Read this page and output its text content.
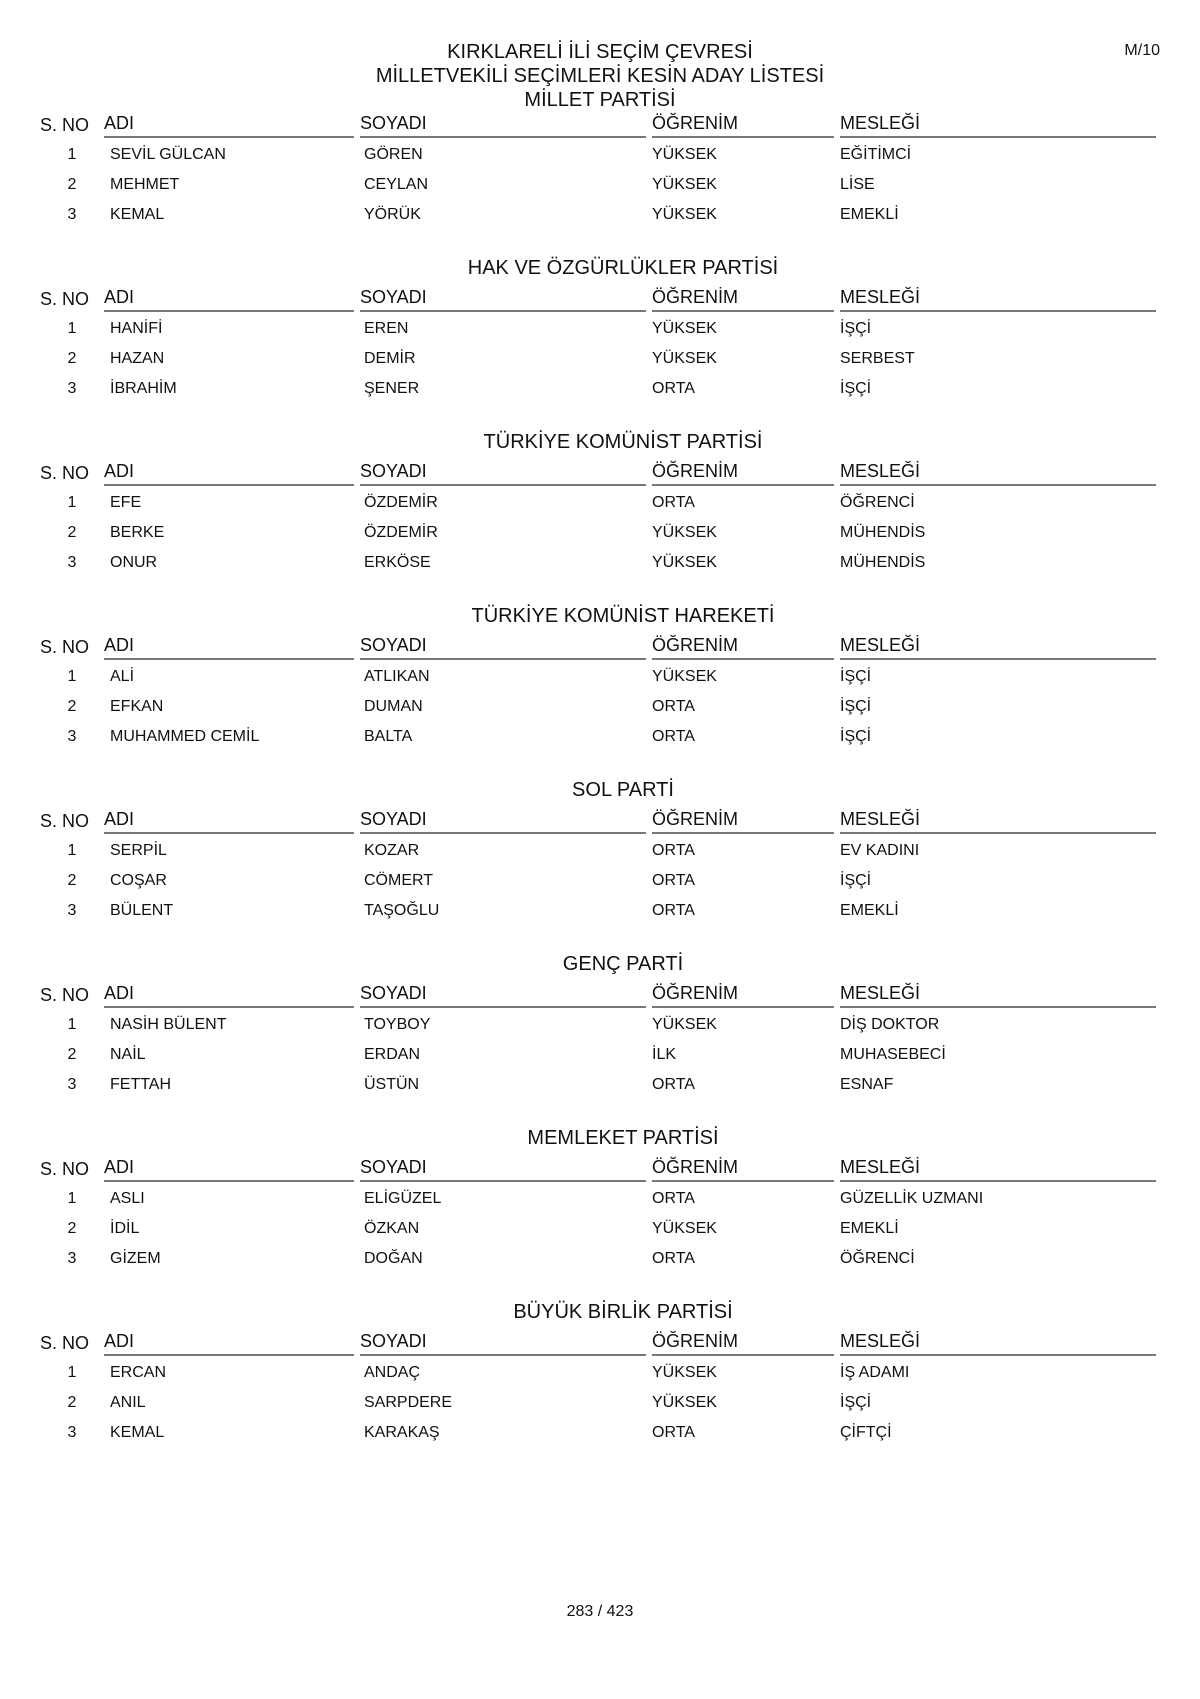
M/10
KIRKLARELİ İLİ SEÇİM ÇEVRESİ
MİLLETVEKİLİ SEÇİMLERİ KESİN ADAY LİSTESİ
MİLLET PARTİSİ
S. NO ADI	SOYADI	ÖĞRENİM	MESLEĞİ
1	SEVİL GÜLCAN	GÖREN	YÜKSEK	EĞİTİMCİ
2	MEHMET	CEYLAN	YÜKSEK	LİSE
3	KEMAL	YÖRÜK	YÜKSEK	EMEKLİ
HAK VE ÖZGÜRLÜKLER PARTİSİ
S. NO ADI	SOYADI	ÖĞRENİM	MESLEĞİ
1	HANİFİ	EREN	YÜKSEK	İŞÇİ
2	HAZAN	DEMİR	YÜKSEK	SERBEST
3	İBRAHİM	ŞENER	ORTA	İŞÇİ
TÜRKİYE KOMÜNİST PARTİSİ
S. NO ADI	SOYADI	ÖĞRENİM	MESLEĞİ
1	EFE	ÖZDEMİR	ORTA	ÖĞRENCİ
2	BERKE	ÖZDEMİR	YÜKSEK	MÜHENDİS
3	ONUR	ERKÖSE	YÜKSEK	MÜHENDİS
TÜRKİYE KOMÜNİST HAREKETİ
S. NO ADI	SOYADI	ÖĞRENİM	MESLEĞİ
1	ALİ	ATLIKAN	YÜKSEK	İŞÇİ
2	EFKAN	DUMAN	ORTA	İŞÇİ
3	MUHAMMED CEMİL	BALTA	ORTA	İŞÇİ
SOL PARTİ
S. NO ADI	SOYADI	ÖĞRENİM	MESLEĞİ
1	SERPİL	KOZAR	ORTA	EV KADINI
2	COŞAR	CÖMERT	ORTA	İŞÇİ
3	BÜLENT	TAŞOĞLU	ORTA	EMEKLİ
GENÇ PARTİ
S. NO ADI	SOYADI	ÖĞRENİM	MESLEĞİ
1	NASİH BÜLENT	TOYBOY	YÜKSEK	DİŞ DOKTOR
2	NAİL	ERDAN	İLK	MUHASEBECİ
3	FETTAH	ÜSTÜN	ORTA	ESNAF
MEMLEKET PARTİSİ
S. NO ADI	SOYADI	ÖĞRENİM	MESLEĞİ
1	ASLI	ELİGÜZEL	ORTA	GÜZELLİK UZMANI
2	İDİL	ÖZKAN	YÜKSEK	EMEKLİ
3	GİZEM	DOĞAN	ORTA	ÖĞRENCİ
BÜYÜK BİRLİK PARTİSİ
S. NO ADI	SOYADI	ÖĞRENİM	MESLEĞİ
1	ERCAN	ANDAÇ	YÜKSEK	İŞ ADAMI
2	ANIL	SARPDERE	YÜKSEK	İŞÇİ
3	KEMAL	KARAKAŞ	ORTA	ÇİFTÇİ
283 / 423
